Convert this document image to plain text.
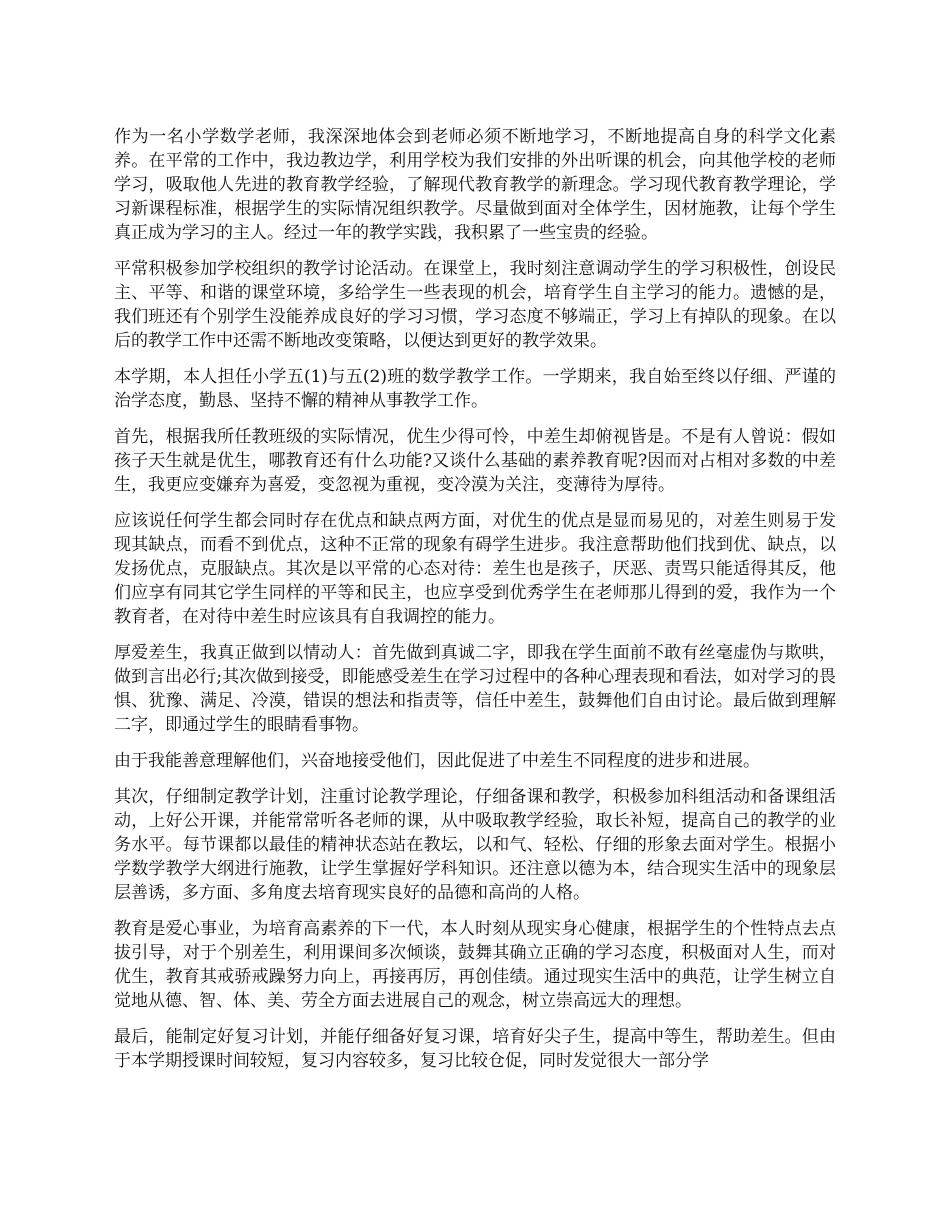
作为一名小学数学老师，我深深地体会到老师必须不断地学习，不断地提高自身的科学文化素养。在平常的工作中，我边教边学，利用学校为我们安排的外出听课的机会，向其他学校的老师学习，吸取他人先进的教育教学经验，了解现代教育教学的新理念。学习现代教育教学理论，学习新课程标准，根据学生的实际情况组织教学。尽量做到面对全体学生，因材施教，让每个学生真正成为学习的主人。经过一年的教学实践，我积累了一些宝贵的经验。

平常积极参加学校组织的教学讨论活动。在课堂上，我时刻注意调动学生的学习积极性，创设民主、平等、和谐的课堂环境，多给学生一些表现的机会，培育学生自主学习的能力。遗憾的是，我们班还有个别学生没能养成良好的学习习惯，学习态度不够端正，学习上有掉队的现象。在以后的教学工作中还需不断地改变策略，以便达到更好的教学效果。

本学期，本人担任小学五(1)与五(2)班的数学教学工作。一学期来，我自始至终以仔细、严谨的治学态度，勤恳、坚持不懈的精神从事教学工作。

首先，根据我所任教班级的实际情况，优生少得可怜，中差生却俯视皆是。不是有人曾说：假如孩子天生就是优生，哪教育还有什么功能?又谈什么基础的素养教育呢?因而对占相对多数的中差生，我更应变嫌弃为喜爱，变忽视为重视，变冷漠为关注，变薄待为厚待。

应该说任何学生都会同时存在优点和缺点两方面，对优生的优点是显而易见的，对差生则易于发现其缺点，而看不到优点，这种不正常的现象有碍学生进步。我注意帮助他们找到优、缺点，以发扬优点，克服缺点。其次是以平常的心态对待：差生也是孩子，厌恶、责骂只能适得其反，他们应享有同其它学生同样的平等和民主，也应享受到优秀学生在老师那儿得到的爱，我作为一个教育者，在对待中差生时应该具有自我调控的能力。

厚爱差生，我真正做到以情动人：首先做到真诚二字，即我在学生面前不敢有丝毫虚伪与欺哄，做到言出必行;其次做到接受，即能感受差生在学习过程中的各种心理表现和看法，如对学习的畏惧、犹豫、满足、冷漠，错误的想法和指责等，信任中差生，鼓舞他们自由讨论。最后做到理解二字，即通过学生的眼睛看事物。

由于我能善意理解他们，兴奋地接受他们，因此促进了中差生不同程度的进步和进展。

其次，仔细制定教学计划，注重讨论教学理论，仔细备课和教学，积极参加科组活动和备课组活动，上好公开课，并能常常听各老师的课，从中吸取教学经验，取长补短，提高自己的教学的业务水平。每节课都以最佳的精神状态站在教坛，以和气、轻松、仔细的形象去面对学生。根据小学数学教学大纲进行施教，让学生掌握好学科知识。还注意以德为本，结合现实生活中的现象层层善诱，多方面、多角度去培育现实良好的品德和高尚的人格。

教育是爱心事业，为培育高素养的下一代，本人时刻从现实身心健康，根据学生的个性特点去点拔引导，对于个别差生，利用课间多次倾谈，鼓舞其确立正确的学习态度，积极面对人生，而对优生，教育其戒骄戒躁努力向上，再接再厉，再创佳绩。通过现实生活中的典范，让学生树立自觉地从德、智、体、美、劳全方面去进展自己的观念，树立崇高远大的理想。

最后，能制定好复习计划，并能仔细备好复习课，培育好尖子生，提高中等生，帮助差生。但由于本学期授课时间较短，复习内容较多，复习比较仓促，同时发觉很大一部分学
